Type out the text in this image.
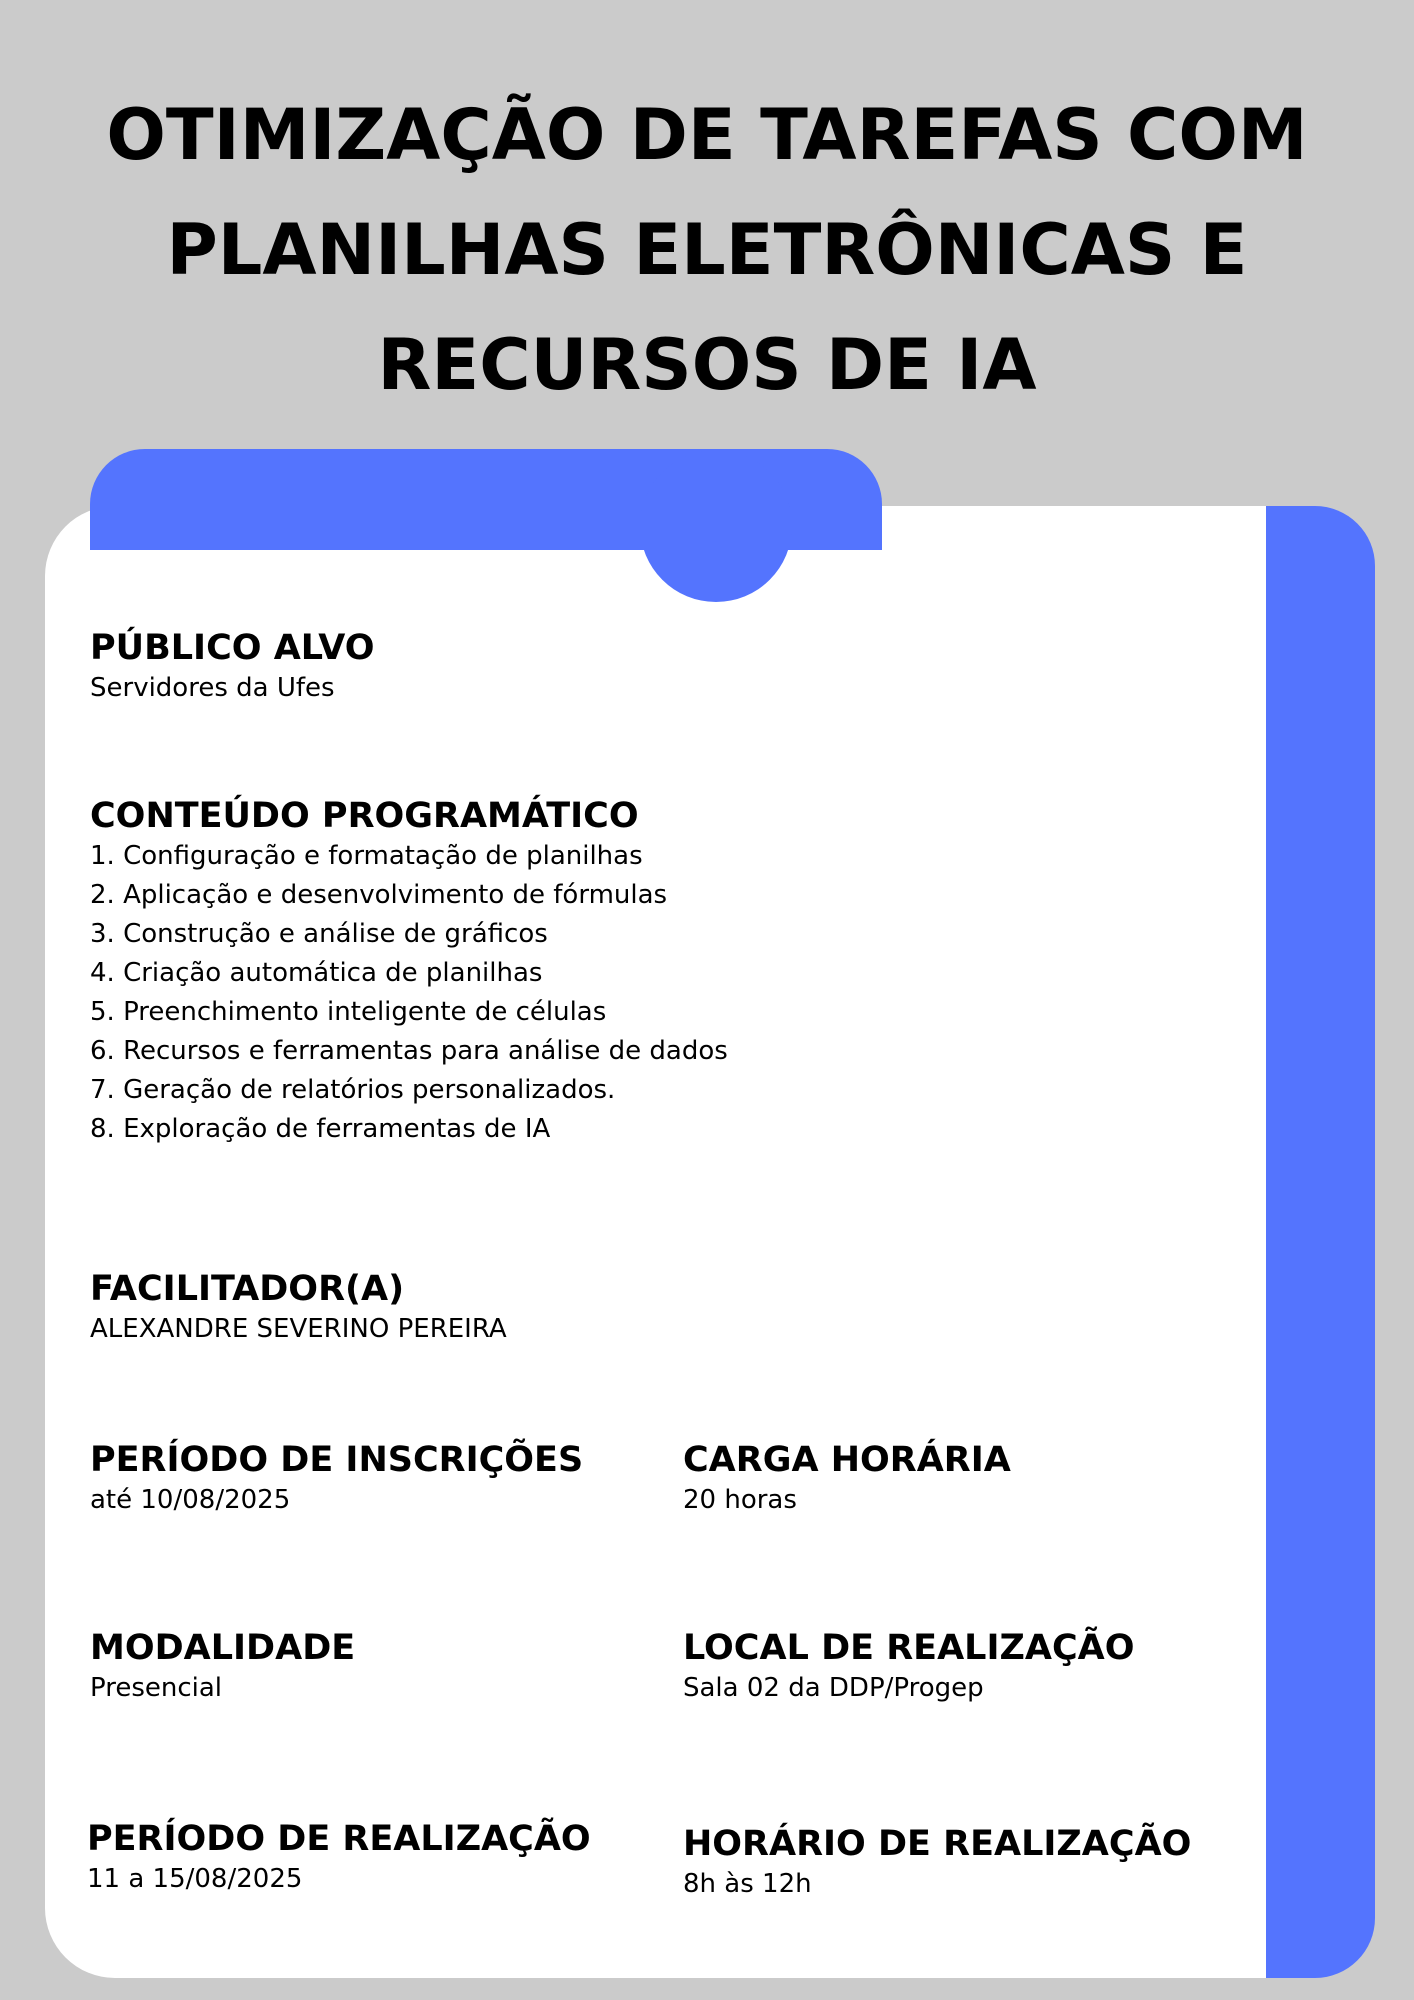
OTIMIZAÇÃO DE TAREFAS COM
PLANILHAS ELETRÔNICAS E
RECURSOS DE IA
PÚBLICO ALVO

Servidores da Ufes

CONTEÚDO PROGRAMÁTICO
1. Configuração e formatação de planilhas
2. Aplicação e desenvolvimento de fórmulas
3. Construção e análise de gráficos
4. Criação automática de planilhas
5. Preenchimento inteligente de células
6. Recursos e ferramentas para análise de dados
7. Geração de relatórios personalizados.
8. Exploração de ferramentas de IA
FACILITADOR(A)

ALEXANDRE SEVERINO PEREIRA

PERÍODO DE INSCRIÇÕES

até 10/08/2025

CARGA HORÁRIA

20 horas

MODALIDADE

Presencial

LOCAL DE REALIZAÇÃO

Sala 02 da DDP/Progep

PERÍODO DE REALIZAÇÃO

11 a 15/08/2025

HORÁRIO DE REALIZAÇÃO

8h às 12h
